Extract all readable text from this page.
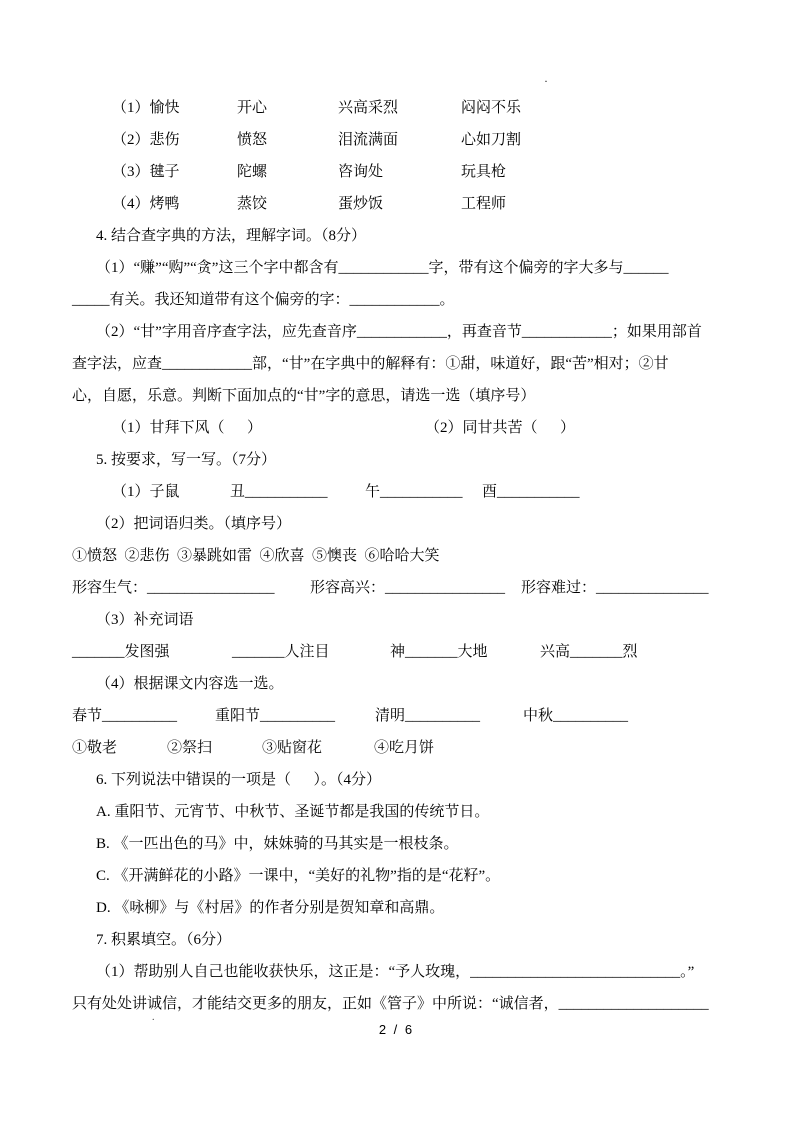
·
（1）愉快	开心	兴高采烈	闷闷不乐
（2）悲伤	愤怒	泪流满面	心如刀割
（3）毽子	陀螺	咨询处	玩具枪
（4）烤鸭	蒸饺	蛋炒饭	工程师
4. 结合查字典的方法，理解字词。（8分）
（1）“赚”“购”“贪”这三个字中都含有____________字，带有这个偏旁的字大多与______
_____有关。我还知道带有这个偏旁的字：____________。
（2）“甘”字用音序查字法，应先查音序____________，再查音节____________；如果用部首
查字法，应查____________部，“甘”在字典中的解释有：①甜，味道好，跟“苦”相对；②甘
心，自愿，乐意。判断下面加点的“甘”字的意思，请选一选（填序号）
（1）甘拜下风（      ）	（2）同甘共苦（      ）
5. 按要求，写一写。（7分）
（1）子鼠	丑___________ 午___________ 酉___________
（2）把词语归类。（填序号）
①愤怒  ②悲伤  ③暴跳如雷  ④欣喜  ⑤懊丧  ⑥哈哈大笑
形容生气：_________________ 形容高兴：________________ 形容难过：_______________
（3）补充词语
_______发图强	_______人注目	神_______大地	兴高_______烈
（4）根据课文内容选一选。
春节__________	重阳节__________	清明__________	中秋__________
①敬老	②祭扫	③贴窗花	④吃月饼
6. 下列说法中错误的一项是（      ）。（4分）
A. 重阳节、元宵节、中秋节、圣诞节都是我国的传统节日。
B. 《一匹出色的马》中，妹妹骑的马其实是一根枝条。
C. 《开满鲜花的小路》一课中，“美好的礼物”指的是“花籽”。
D. 《咏柳》与《村居》的作者分别是贺知章和高鼎。
7. 积累填空。（6分）
（1）帮助别人自己也能收获快乐，这正是：“予人玫瑰，____________________________。”
只有处处讲诚信，才能结交更多的朋友，正如《管子》中所说：“诚信者，____________________
.
2 / 6
